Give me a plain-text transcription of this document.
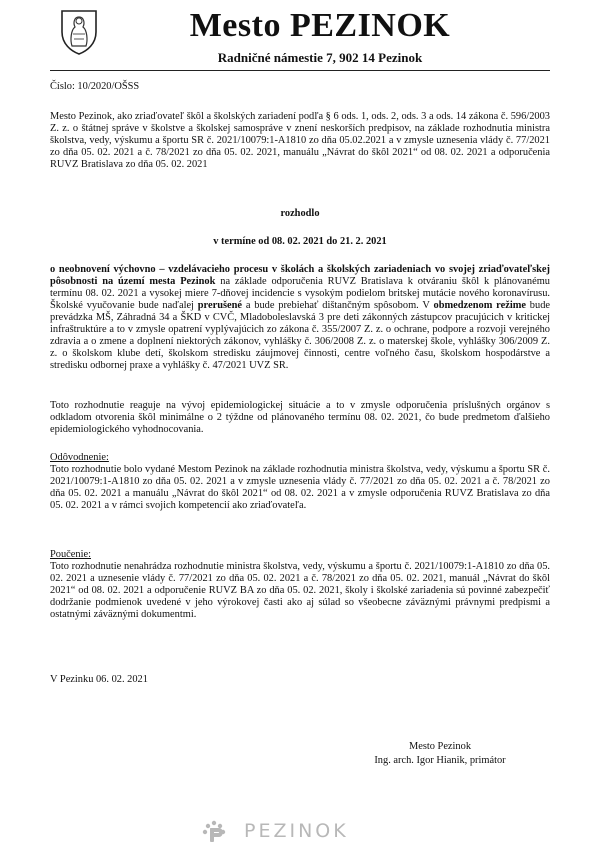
Mesto PEZINOK
Radničné námestie 7, 902 14 Pezinok
Číslo: 10/2020/OŠSS
Mesto Pezinok, ako zriaďovateľ škôl a školských zariadení podľa § 6 ods. 1, ods. 2, ods. 3 a ods. 14 zákona č. 596/2003 Z. z. o štátnej správe v školstve a školskej samospráve v znení neskorších predpisov, na základe rozhodnutia ministra školstva, vedy, výskumu a športu SR č. 2021/10079:1-A1810 zo dňa 05.02.2021 a v zmysle uznesenia vlády č. 77/2021 zo dňa 05. 02. 2021 a č. 78/2021 zo dňa 05. 02. 2021, manuálu „Návrat do škôl 2021“ od 08. 02. 2021 a odporučenia RUVZ Bratislava zo dňa 05. 02. 2021
rozhodlo
v termíne od 08. 02. 2021 do 21. 2. 2021
o neobnovení výchovno – vzdelávacieho procesu v školách a školských zariadeniach vo svojej zriaďovateľskej pôsobnosti na území mesta Pezinok na základe odporučenia RUVZ Bratislava k otváraniu škôl k plánovanému termínu 08. 02. 2021 a vysokej miere 7-dňovej incidencie s vysokým podielom britskej mutácie nového koronavírusu. Školské vyučovanie bude naďalej prerušené a bude prebiehať dištančným spôsobom. V obmedzenom režime bude prevádzka MŠ, Záhradná 34 a ŠKD v CVČ, Mladoboleslavská 3 pre deti zákonných zástupcov pracujúcich v kritickej infraštruktúre a to v zmysle opatrení vyplývajúcich zo zákona č. 355/2007 Z. z. o ochrane, podpore a rozvoji verejného zdravia a o zmene a doplnení niektorých zákonov, vyhlášky č. 306/2008 Z. z. o materskej škole, vyhlášky 306/2009 Z. z. o školskom klube detí, školskom stredisku záujmovej činnosti, centre voľného času, školskom hospodárstve a stredisku odbornej praxe a vyhlášky č. 47/2021 UVZ SR.
Toto rozhodnutie reaguje na vývoj epidemiologickej situácie a to v zmysle odporučenia príslušných orgánov s odkladom otvorenia škôl minimálne o 2 týždne od plánovaného termínu 08. 02. 2021, čo bude predmetom ďalšieho epidemiologického vyhodnocovania.
Odôvodnenie:
Toto rozhodnutie bolo vydané Mestom Pezinok na základe rozhodnutia ministra školstva, vedy, výskumu a športu SR č. 2021/10079:1-A1810 zo dňa 05. 02. 2021 a v zmysle uznesenia vlády č. 77/2021 zo dňa 05. 02. 2021 a č. 78/2021 zo dňa 05. 02. 2021 a manuálu „Návrat do škôl 2021“ od 08. 02. 2021 a v zmysle odporučenia RUVZ Bratislava zo dňa 05. 02. 2021 a v rámci svojich kompetencií ako zriaďovateľa.
Poučenie:
Toto rozhodnutie nenahrádza rozhodnutie ministra školstva, vedy, výskumu a športu č. 2021/10079:1-A1810 zo dňa 05. 02. 2021 a uznesenie vlády č. 77/2021 zo dňa 05. 02. 2021 a č. 78/2021 zo dňa 05. 02. 2021, manuál „Návrat do škôl 2021“ od 08. 02. 2021 a odporučenie RUVZ BA zo dňa 05. 02. 2021, školy i školské zariadenia sú povinné zabezpečiť dodržanie podmienok uvedené v jeho výrokovej časti ako aj súlad so všeobecne záväznými právnymi predpismi a ostatnými záväznými dokumentmi.
V Pezinku 06. 02. 2021
Mesto Pezinok
Ing. arch. Igor Hianik, primátor
PEZINOK
